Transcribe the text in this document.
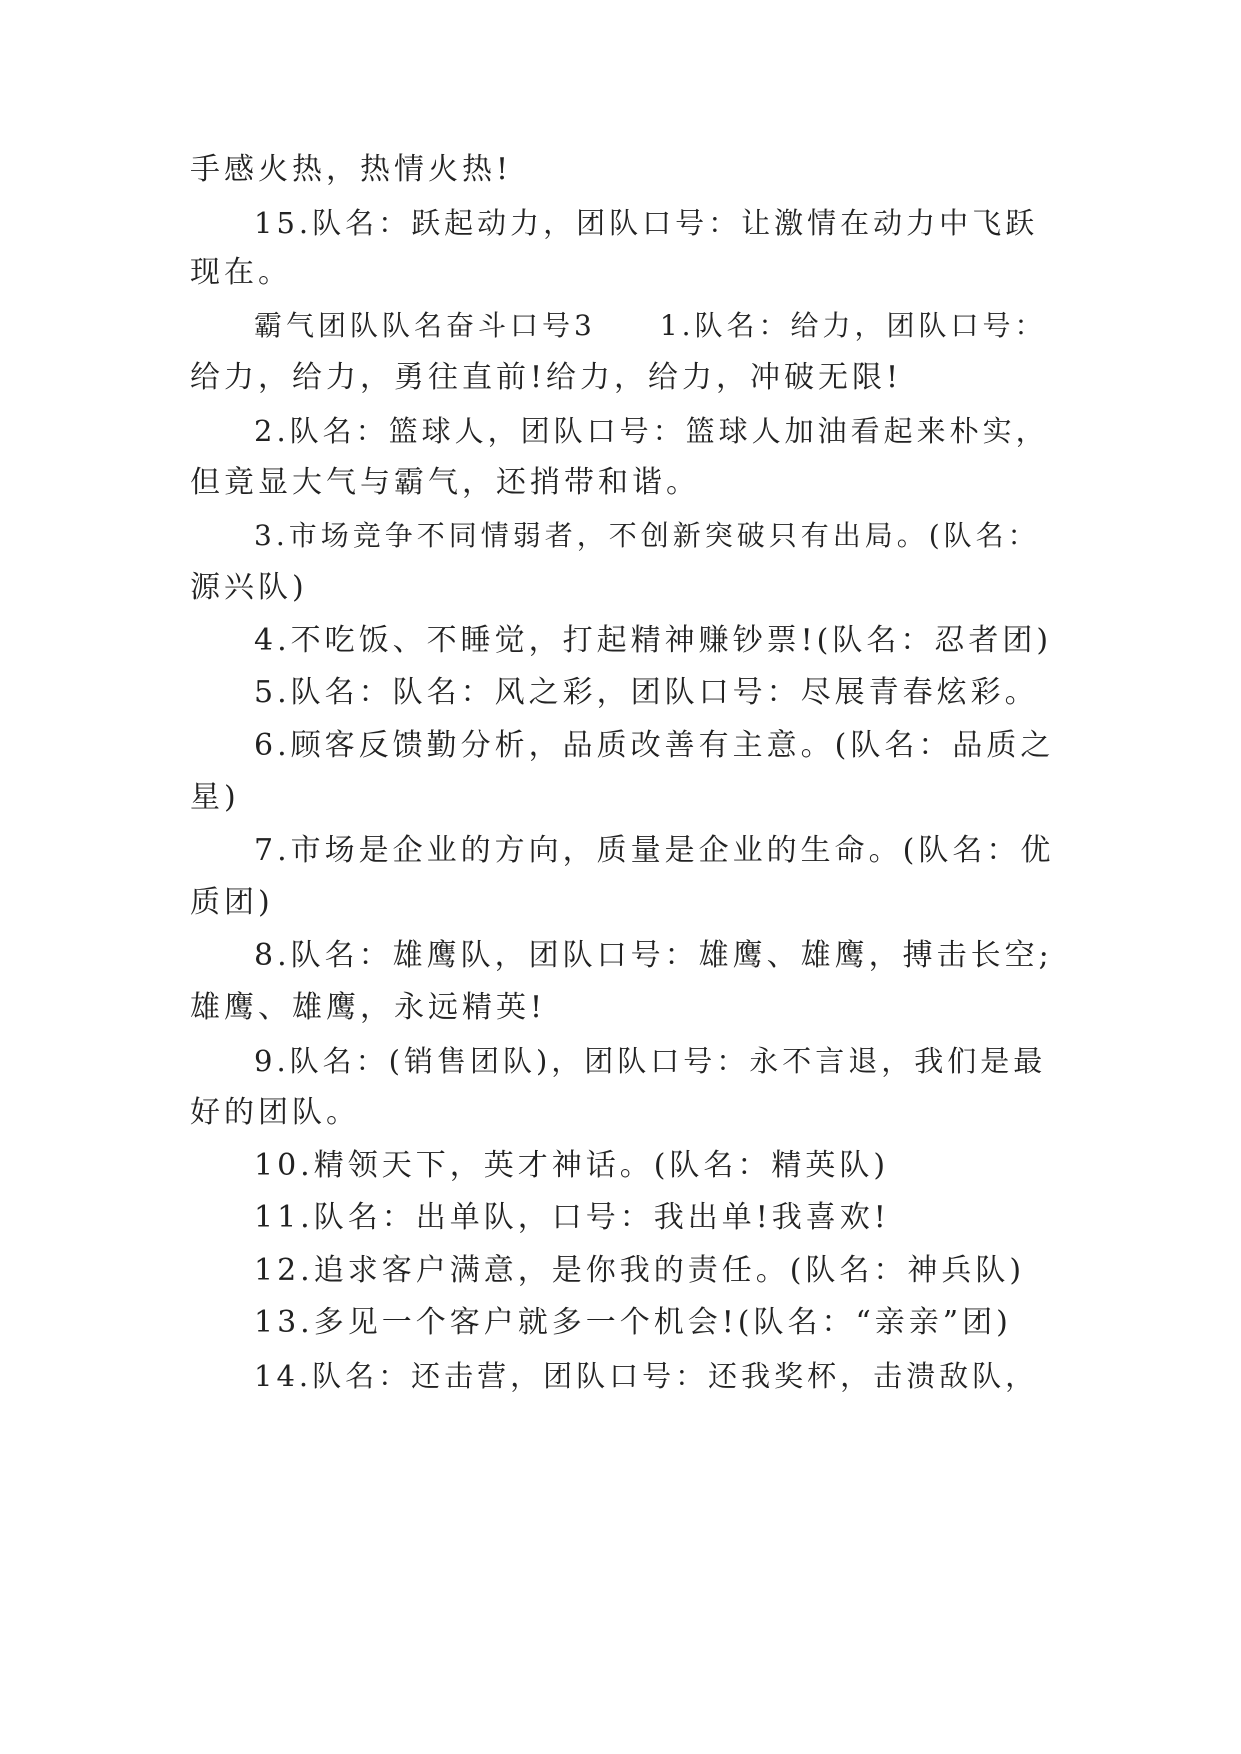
手感火热，热情火热!
15.队名：跃起动力，团队口号：让激情在动力中飞跃
现在。
霸气团队队名奋斗口号3　　1.队名：给力，团队口号：
给力，给力，勇往直前!给力，给力，冲破无限!
2.队名：篮球人，团队口号：篮球人加油看起来朴实，
但竟显大气与霸气，还捎带和谐。
3.市场竞争不同情弱者，不创新突破只有出局。(队名：
源兴队)
4.不吃饭、不睡觉，打起精神赚钞票!(队名：忍者团)
5.队名：队名：风之彩，团队口号：尽展青春炫彩。
6.顾客反馈勤分析，品质改善有主意。(队名：品质之
星)
7.市场是企业的方向，质量是企业的生命。(队名：优
质团)
8.队名：雄鹰队，团队口号：雄鹰、雄鹰，搏击长空;
雄鹰、雄鹰，永远精英!
9.队名：(销售团队)，团队口号：永不言退，我们是最
好的团队。
10.精领天下，英才神话。(队名：精英队)
11.队名：出单队，口号：我出单!我喜欢!
12.追求客户满意，是你我的责任。(队名：神兵队)
13.多见一个客户就多一个机会!(队名：“亲亲”团)
14.队名：还击营，团队口号：还我奖杯，击溃敌队，
